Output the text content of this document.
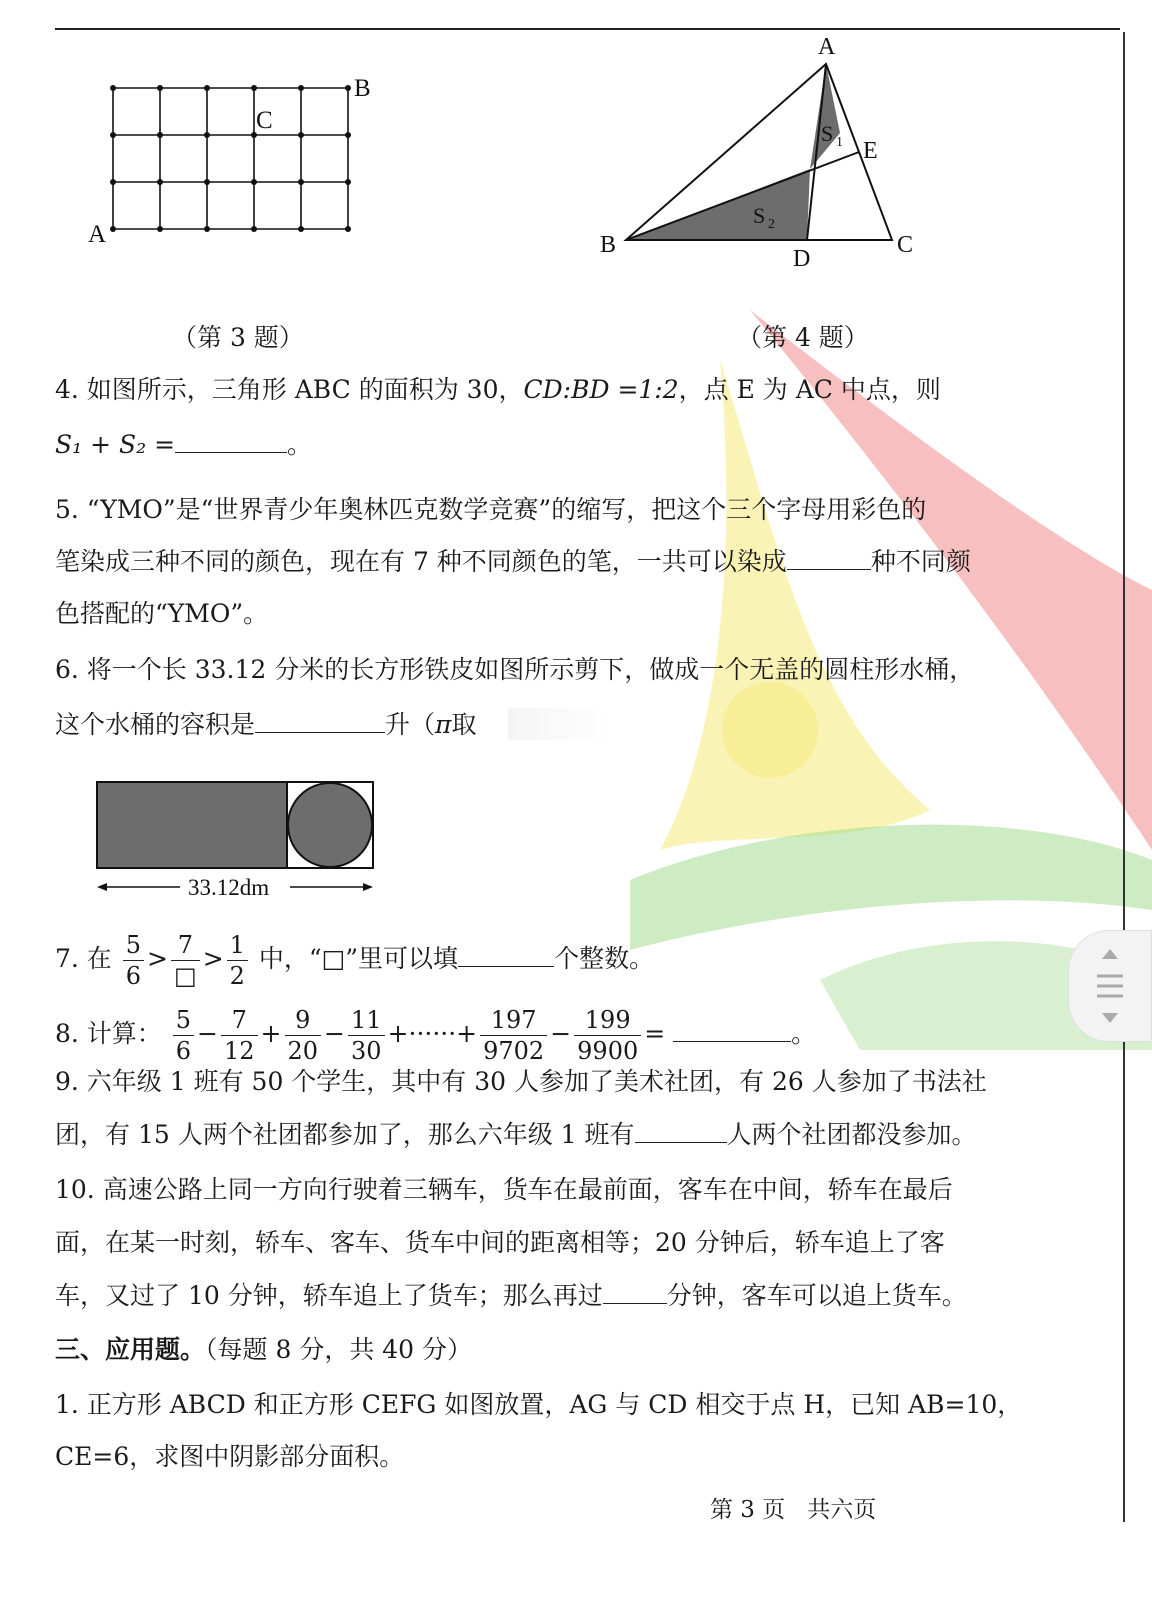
A
B
C
（第 3 题）
A
B	C
D
E
S 1
S 2
（第 4 题）
4. 如图所示，三角形 ABC 的面积为 30，CD:BD =1:2，点 E 为 AC 中点，则
S₁ + S₂ =	。
5. “YMO”是“世界青少年奥林匹克数学竞赛”的缩写，把这个三个字母用彩色的
笔染成三种不同的颜色，现在有 7 种不同颜色的笔，一共可以染成	种不同颜
色搭配的“YMO”。
6. 将一个长 33.12 分米的长方形铁皮如图所示剪下，做成一个无盖的圆柱形水桶，
这个水桶的容积是	升（π取
33.12dm
7. 在 $\frac{5}{6} > \frac{7}{□} > \frac{1}{2}$ 中，“□”里可以填	个整数。
8. 计算： $\frac{5}{6} - \frac{7}{12} + \frac{9}{20} - \frac{11}{30}$ +······+ $\frac{197}{9702} - \frac{199}{9900}$ =	。
9. 六年级 1 班有 50 个学生，其中有 30 人参加了美术社团，有 26 人参加了书法社
团，有 15 人两个社团都参加了，那么六年级 1 班有	人两个社团都没参加。
10. 高速公路上同一方向行驶着三辆车，货车在最前面，客车在中间，轿车在最后
面，在某一时刻，轿车、客车、货车中间的距离相等；20 分钟后，轿车追上了客
车，又过了 10 分钟，轿车追上了货车；那么再过	分钟，客车可以追上货车。
三、应用题。（每题 8 分，共 40 分）
1. 正方形 ABCD 和正方形 CEFG 如图放置，AG 与 CD 相交于点 H，已知 AB=10，
CE=6，求图中阴影部分面积。
第 3 页 共六页
